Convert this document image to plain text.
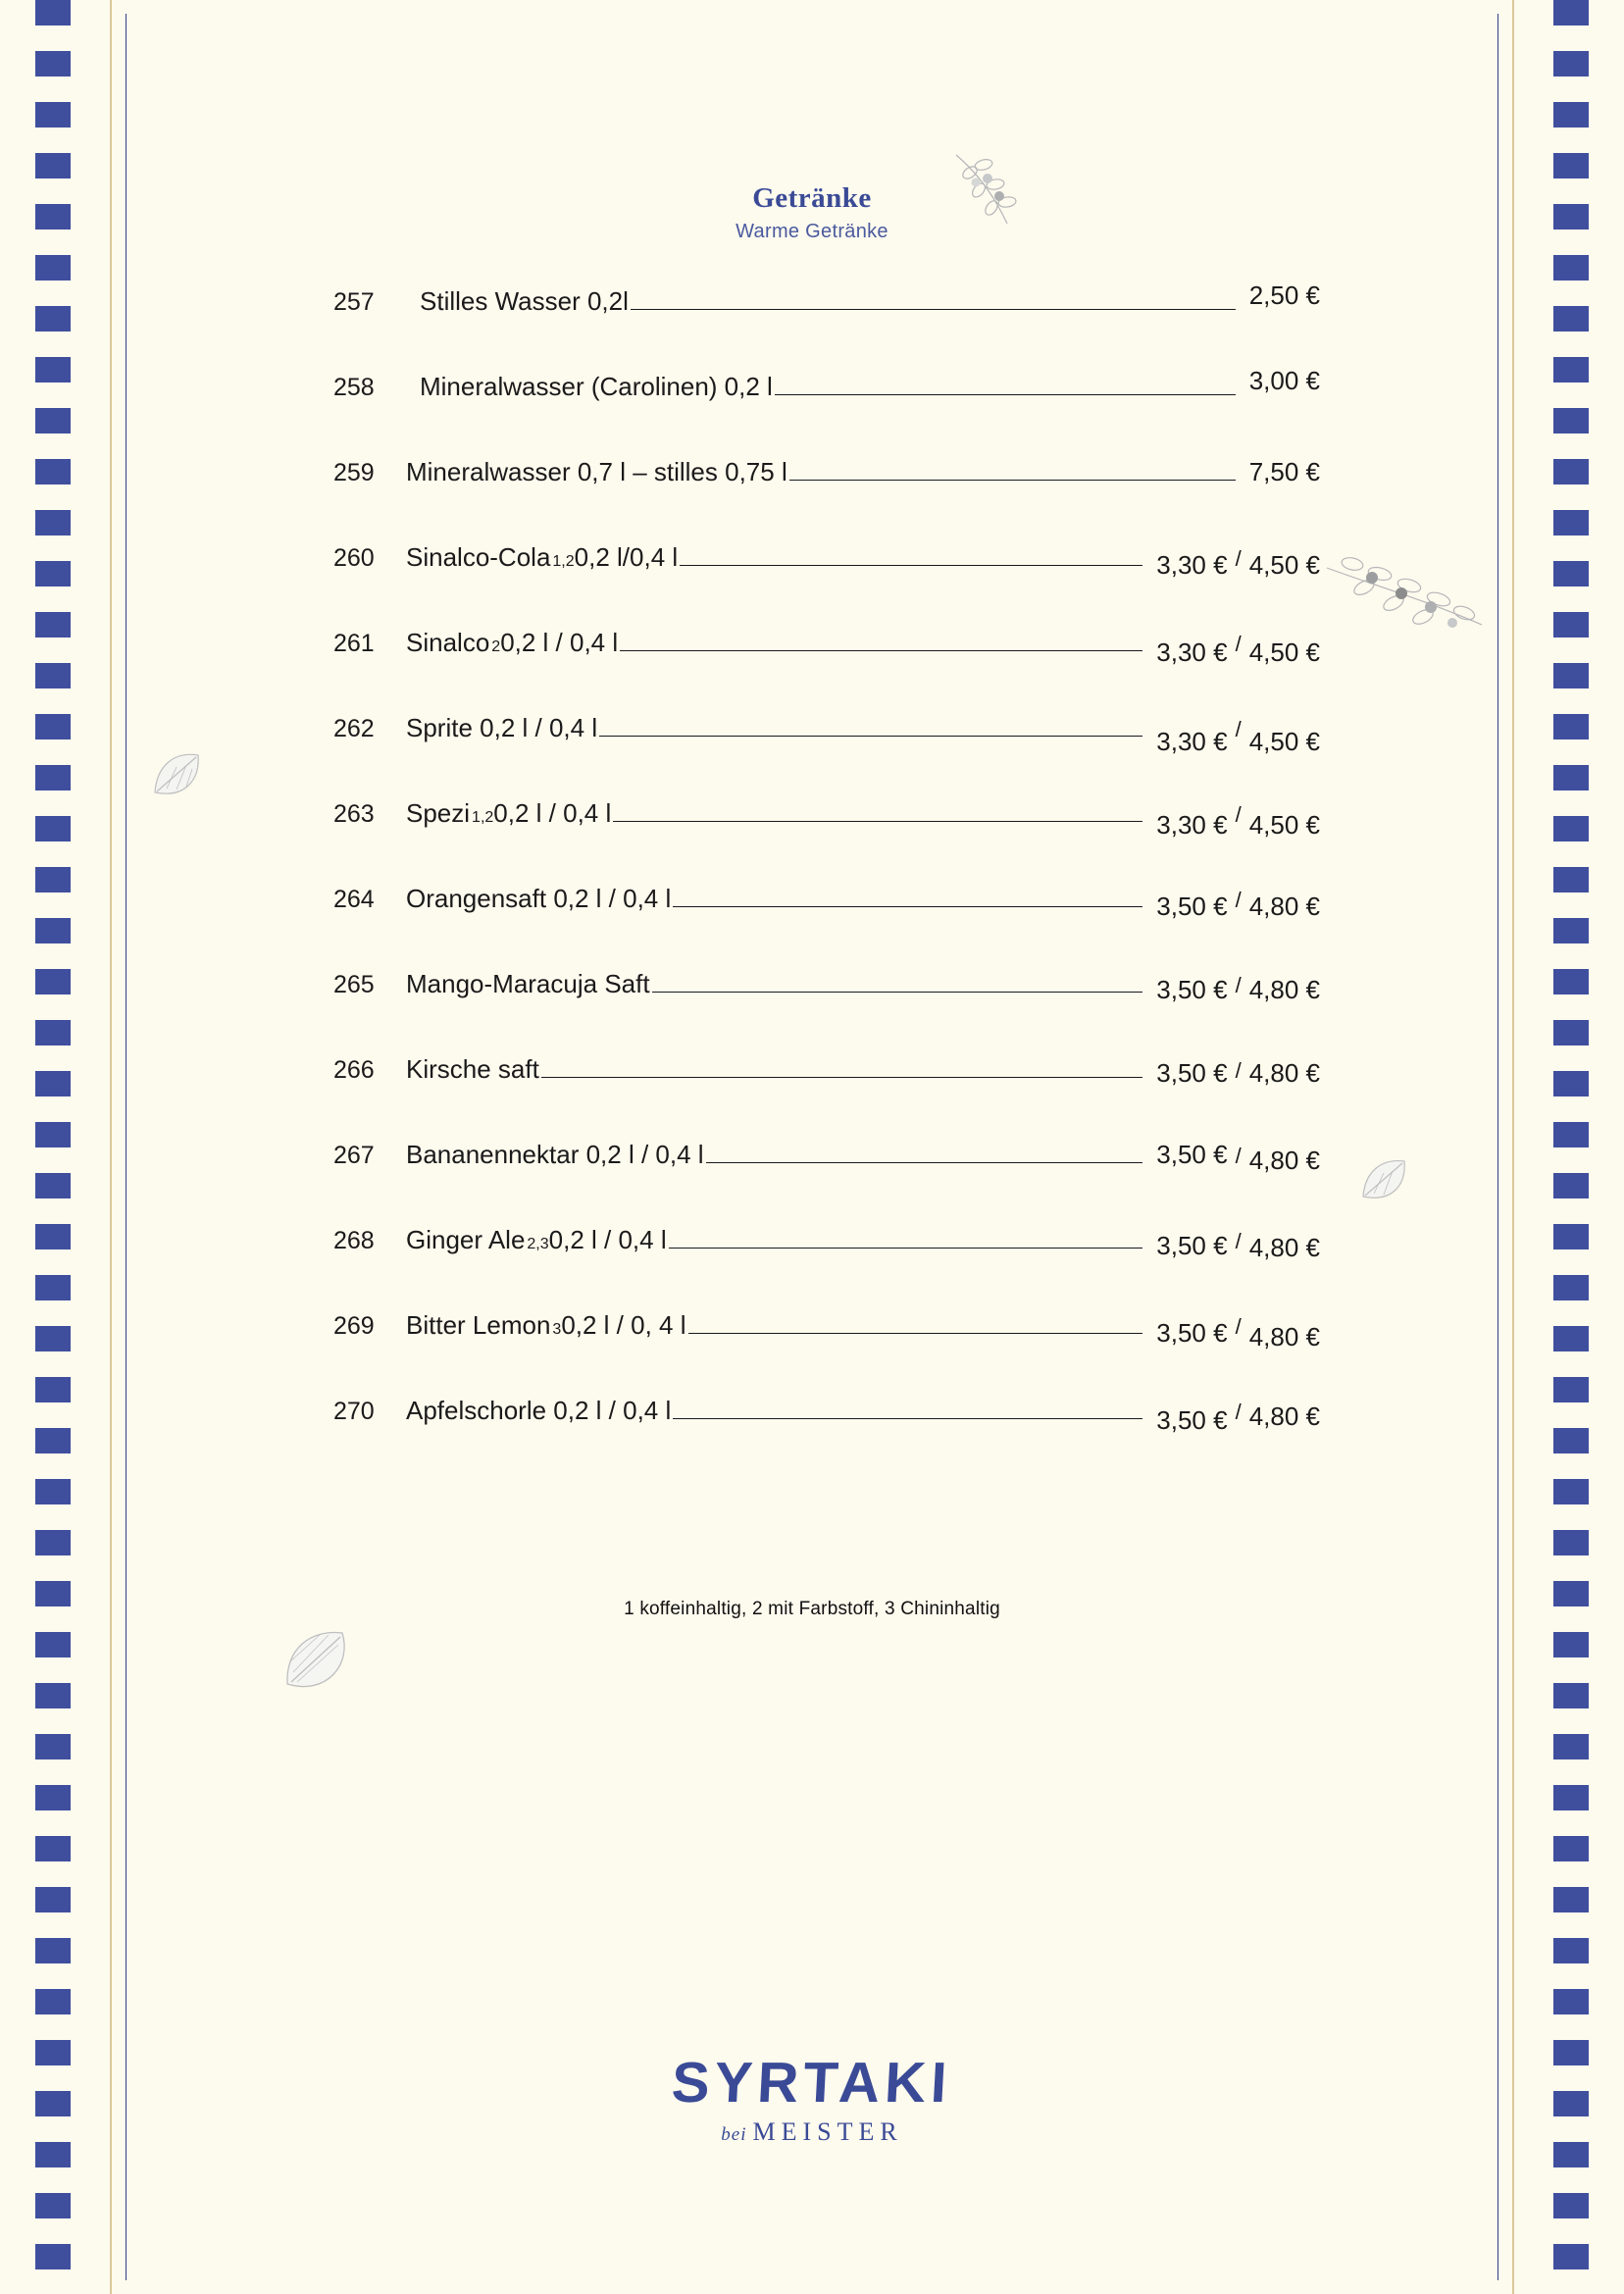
Getränke
Warme Getränke
257	Stilles Wasser 0,2l	2,50 €
258	Mineralwasser (Carolinen) 0,2 l	3,00 €
259	Mineralwasser 0,7 l – stilles 0,75 l	7,50 €
260	Sinalco-Cola 1,2 0,2 l/0,4 l	3,30 € / 4,50 €
261	Sinalco 2 0,2 l / 0,4 l	3,30 € / 4,50 €
262	Sprite 0,2 l / 0,4 l	3,30 € / 4,50 €
263	Spezi 1,2 0,2 l / 0,4 l	3,30 € / 4,50 €
264	Orangensaft 0,2 l / 0,4 l	3,50 € / 4,80 €
265	Mango-Maracuja Saft	3,50 € / 4,80 €
266	Kirsche saft	3,50 € / 4,80 €
267	Bananennektar 0,2 l / 0,4 l	3,50 € / 4,80 €
268	Ginger Ale 2,3 0,2 l / 0,4 l	3,50 € / 4,80 €
269	Bitter Lemon 3 0,2 l / 0, 4 l	3,50 € / 4,80 €
270	Apfelschorle 0,2 l / 0,4 l	3,50 € / 4,80 €
1 koffeinhaltig, 2 mit Farbstoff, 3 Chininhaltig
SYRTAKI
bei MEISTER
